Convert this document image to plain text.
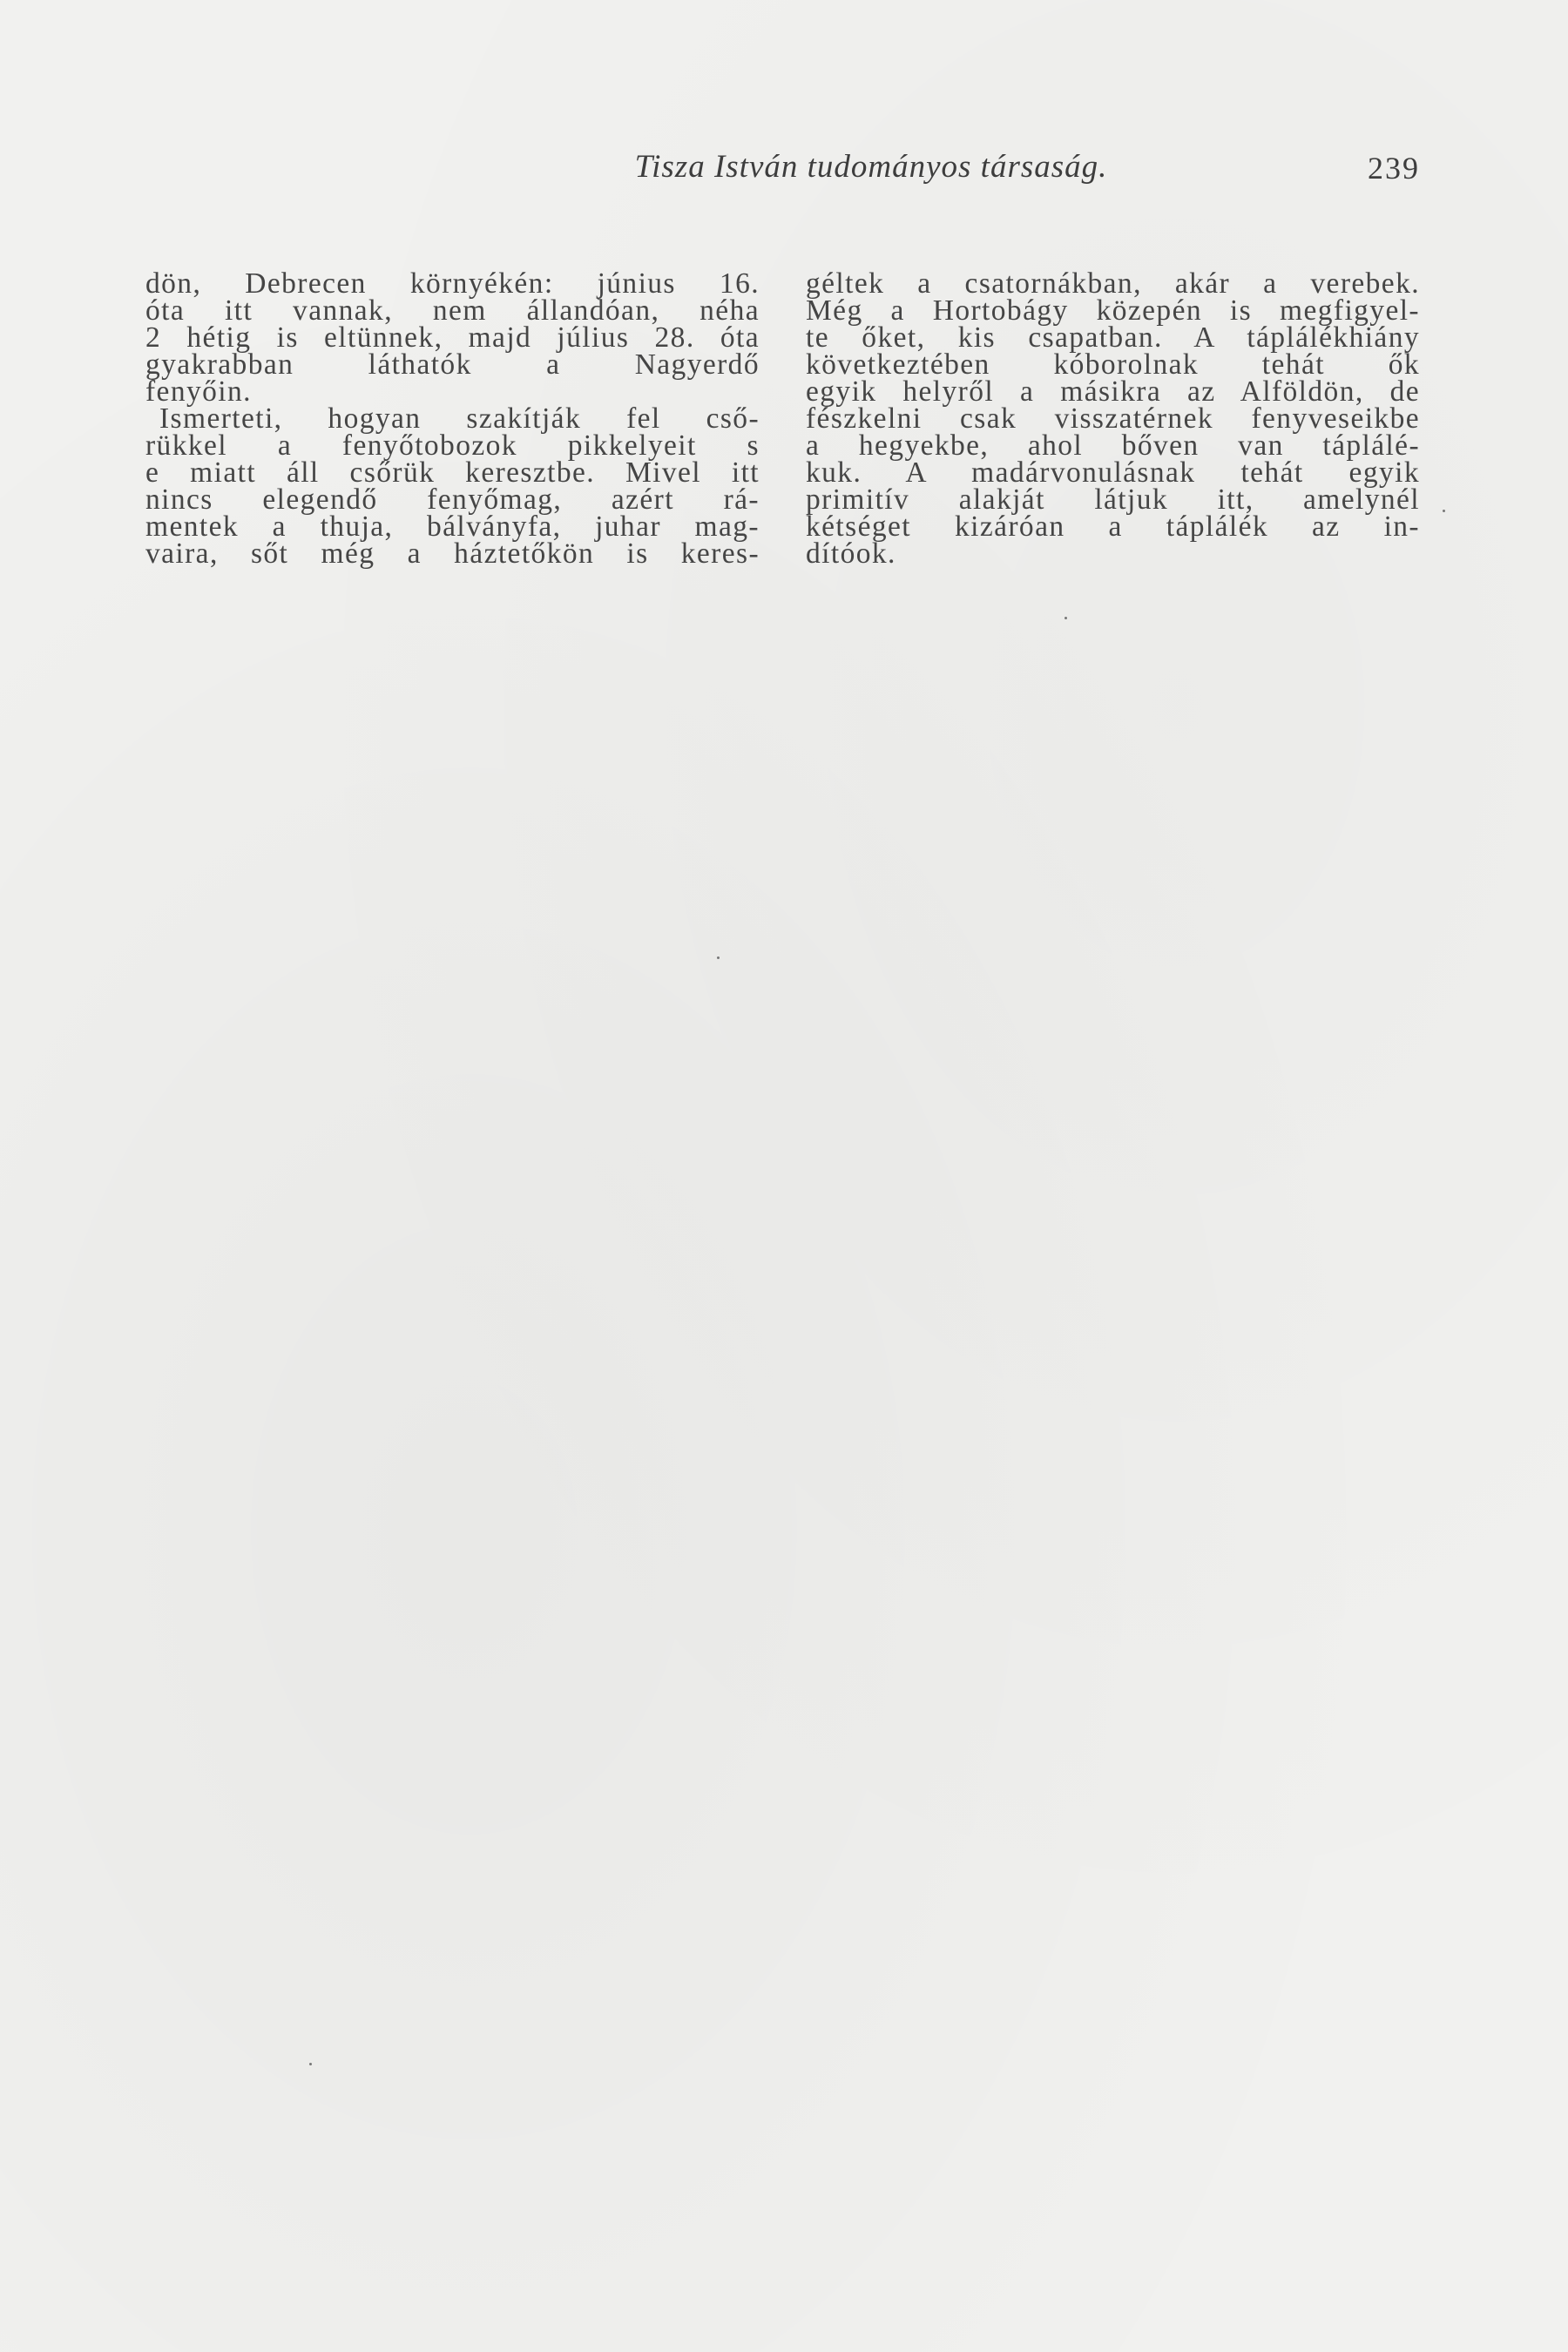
Tisza István tudományos társaság.	239
dön, Debrecen környékén: június 16.
óta itt vannak, nem állandóan, néha
2 hétig is eltünnek, majd július 28. óta
gyakrabban láthatók a Nagyerdő
fenyőin.
Ismerteti, hogyan szakítják fel cső-
rükkel a fenyőtobozok pikkelyeit s
e miatt áll csőrük keresztbe. Mivel itt
nincs elegendő fenyőmag, azért rá-
mentek a thuja, bálványfa, juhar mag-
vaira, sőt még a háztetőkön is keres-
géltek a csatornákban, akár a verebek.
Még a Hortobágy közepén is megfigyel-
te őket, kis csapatban. A táplálékhiány
következtében kóborolnak tehát ők
egyik helyről a másikra az Alföldön, de
fészkelni csak visszatérnek fenyveseikbe
a hegyekbe, ahol bőven van táplálé-
kuk. A madárvonulásnak tehát egyik
primitív alakját látjuk itt, amelynél
kétséget kizáróan a táplálék az in-
dítóok.
